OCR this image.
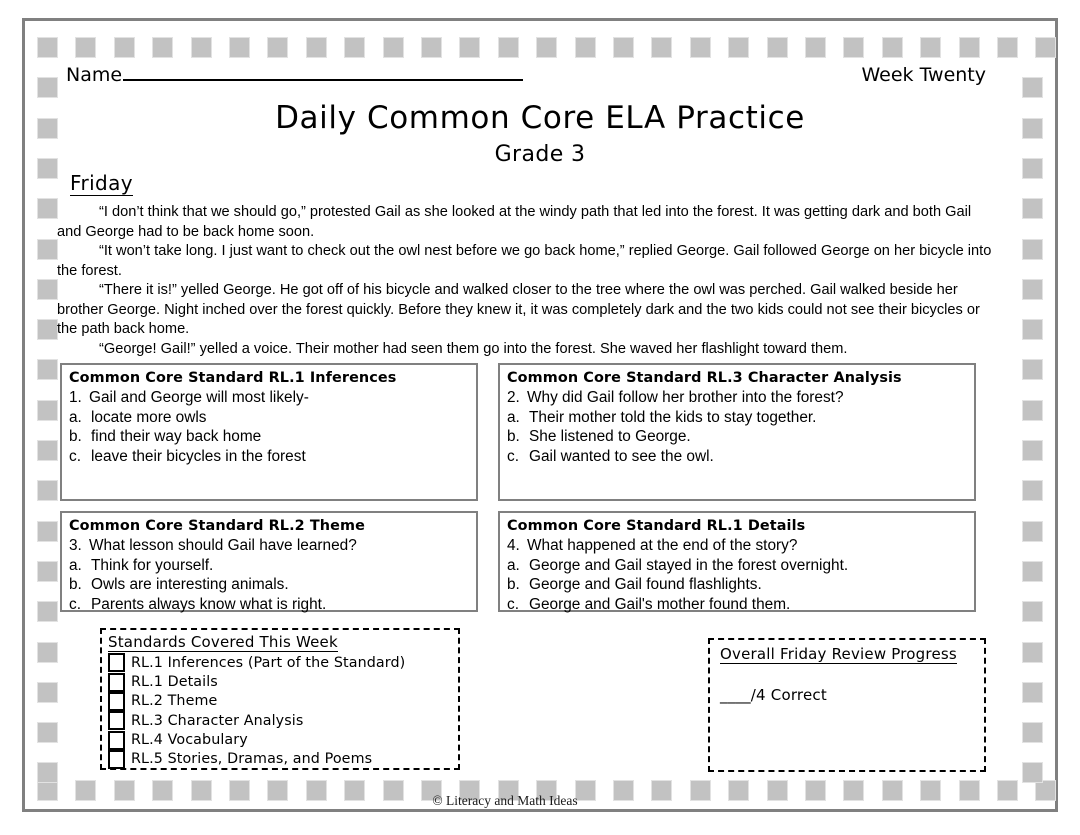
Name	Week Twenty
Daily Common Core ELA Practice
Grade 3
Friday

“I don’t think that we should go,” protested Gail as she looked at the windy path that led into the forest. It was getting dark and both Gail and George had to be back home soon.

“It won’t take long. I just want to check out the owl nest before we go back home,” replied George. Gail followed George on her bicycle into the forest.

“There it is!” yelled George. He got off of his bicycle and walked closer to the tree where the owl was perched. Gail walked beside her brother George. Night inched over the forest quickly. Before they knew it, it was completely dark and the two kids could not see their bicycles or the path back home.

“George! Gail!” yelled a voice. Their mother had seen them go into the forest. She waved her flashlight toward them.

Common Core Standard RL.1 Inferences
1. Gail and George will most likely-
a. locate more owls
b. find their way back home
c. leave their bicycles in the forest
Common Core Standard RL.3 Character Analysis
2. Why did Gail follow her brother into the forest?
a. Their mother told the kids to stay together.
b. She listened to George.
c. Gail wanted to see the owl.
Common Core Standard RL.2 Theme
3. What lesson should Gail have learned?
a. Think for yourself.
b. Owls are interesting animals.
c. Parents always know what is right.
Common Core Standard RL.1 Details
4. What happened at the end of the story?
a. George and Gail stayed in the forest overnight.
b. George and Gail found flashlights.
c. George and Gail's mother found them.
Standards Covered This Week
RL.1 Inferences (Part of the Standard)
RL.1 Details
RL.2 Theme
RL.3 Character Analysis
RL.4 Vocabulary
RL.5 Stories, Dramas, and Poems
Overall Friday Review Progress
____/4 Correct
© Literacy and Math Ideas
